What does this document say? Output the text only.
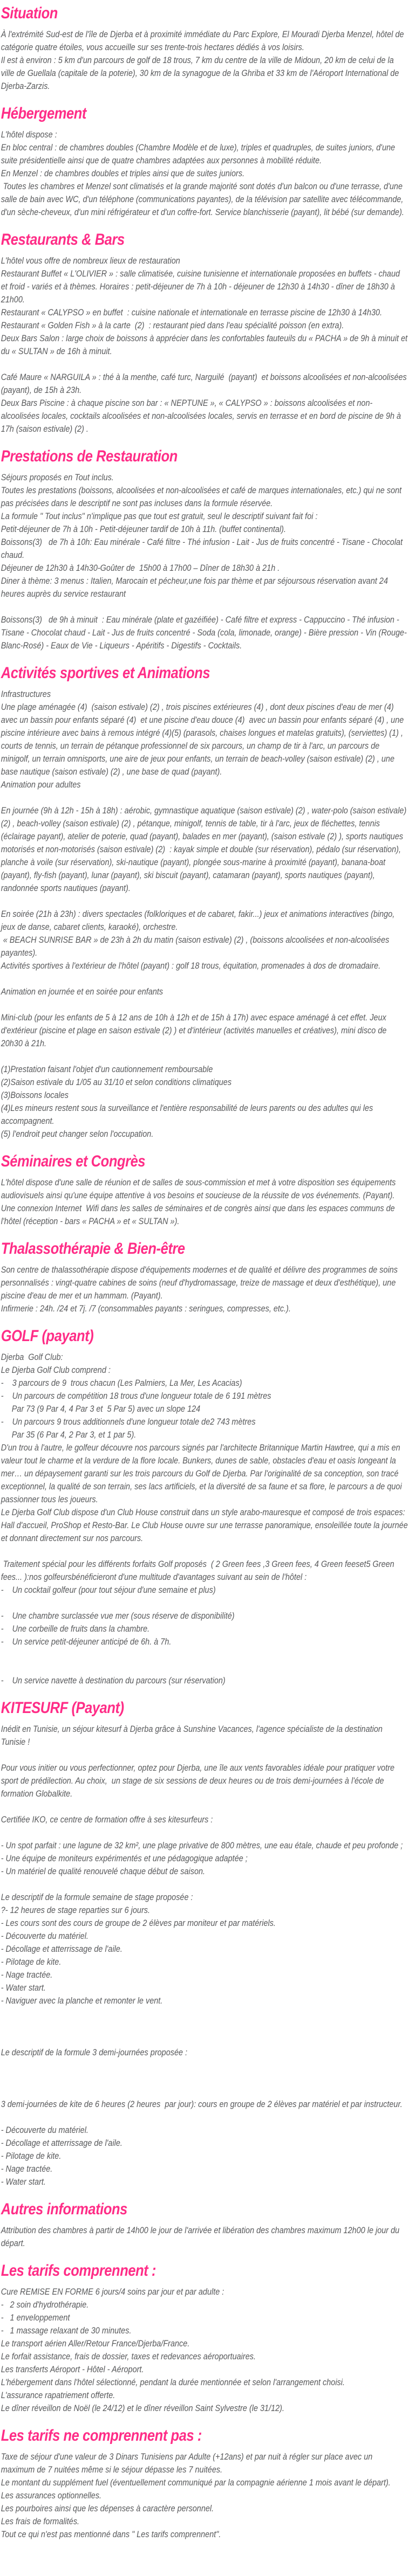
Situation

À l'extrémité Sud-est de l'île de Djerba et à proximité immédiate du Parc Explore, El Mouradi Djerba Menzel, hôtel de catégorie quatre étoiles, vous accueille sur ses trente-trois hectares dédiés à vos loisirs.

Il est à environ : 5 km d'un parcours de golf de 18 trous, 7 km du centre de la ville de Midoun, 20 km de celui de la ville de Guellala (capitale de la poterie), 30 km de la synagogue de la Ghriba et 33 km de l'Aéroport International de Djerba-Zarzis.

Hébergement

L'hôtel dispose :

En bloc central : de chambres doubles (Chambre Modèle et de luxe), triples et quadruples, de suites juniors, d'une suite présidentielle ainsi que de quatre chambres adaptées aux personnes à mobilité réduite.

En Menzel : de chambres doubles et triples ainsi que de suites juniors.

Toutes les chambres et Menzel sont climatisés et la grande majorité sont dotés d'un balcon ou d'une terrasse, d'une salle de bain avec WC, d'un téléphone (communications payantes), de la télévision par satellite avec télécommande, d'un sèche-cheveux, d'un mini réfrigérateur et d'un coffre-fort. Service blanchisserie (payant), lit bébé (sur demande).

Restaurants & Bars

L'hôtel vous offre de nombreux lieux de restauration

Restaurant Buffet « L'OLIVIER » : salle climatisée, cuisine tunisienne et internationale proposées en buffets - chaud et froid - variés et à thèmes. Horaires : petit-déjeuner de 7h à 10h - déjeuner de 12h30 à 14h30 - dîner de 18h30 à 21h00.

Restaurant « CALYPSO » en buffet  : cuisine nationale et internationale en terrasse piscine de 12h30 à 14h30.

Restaurant « Golden Fish » à la carte  (2)  : restaurant pied dans l'eau spécialité poisson (en extra).

Deux Bars Salon : large choix de boissons à apprécier dans les confortables fauteuils du « PACHA » de 9h à minuit et du « SULTAN » de 16h à minuit.

Café Maure « NARGUILA » : thé à la menthe, café turc, Narguilé  (payant)  et boissons alcoolisées et non-alcoolisées (payant), de 15h à 23h.

Deux Bars Piscine : à chaque piscine son bar : « NEPTUNE », « CALYPSO » : boissons alcoolisées et non-alcoolisées locales, cocktails alcoolisées et non-alcoolisées locales, servis en terrasse et en bord de piscine de 9h à 17h (saison estivale) (2) .

Prestations de Restauration

Séjours proposés en Tout inclus.

Toutes les prestations (boissons, alcoolisées et non-alcoolisées et café de marques internationales, etc.) qui ne sont pas précisées dans le descriptif ne sont pas incluses dans la formule réservée.

La formule " Tout inclus" n'implique pas que tout est gratuit, seul le descriptif suivant fait foi :

Petit-déjeuner de 7h à 10h - Petit-déjeuner tardif de 10h à 11h. (buffet continental).

Boissons(3)   de 7h à 10h: Eau minérale - Café filtre - Thé infusion - Lait - Jus de fruits concentré - Tisane - Chocolat chaud.

Déjeuner de 12h30 à 14h30-Goûter de  15h00 à 17h00 – Dîner de 18h30 à 21h .

Diner à thème: 3 menus : Italien, Marocain et pécheur,une fois par thème et par séjoursous réservation avant 24 heures auprès du service restaurant

Boissons(3)   de 9h à minuit  : Eau minérale (plate et gazéifiée) - Café filtre et express - Cappuccino - Thé infusion - Tisane - Chocolat chaud - Lait - Jus de fruits concentré - Soda (cola, limonade, orange) - Bière pression - Vin (Rouge-Blanc-Rosé) - Eaux de Vie - Liqueurs - Apéritifs - Digestifs - Cocktails.

Activités sportives et Animations

Infrastructures

Une plage aménagée (4)  (saison estivale) (2) , trois piscines extérieures (4) , dont deux piscines d'eau de mer (4)  avec un bassin pour enfants séparé (4)  et une piscine d'eau douce (4)  avec un bassin pour enfants séparé (4) , une piscine intérieure avec bains à remous intégré (4)(5) (parasols, chaises longues et matelas gratuits), (serviettes) (1) , courts de tennis, un terrain de pétanque professionnel de six parcours, un champ de tir à l'arc, un parcours de minigolf, un terrain omnisports, une aire de jeux pour enfants, un terrain de beach-volley (saison estivale) (2) , une base nautique (saison estivale) (2) , une base de quad (payant).

Animation pour adultes

En journée (9h à 12h - 15h à 18h) : aérobic, gymnastique aquatique (saison estivale) (2) , water-polo (saison estivale) (2) , beach-volley (saison estivale) (2) , pétanque, minigolf, tennis de table, tir à l'arc, jeux de fléchettes, tennis (éclairage payant), atelier de poterie, quad (payant), balades en mer (payant), (saison estivale (2) ), sports nautiques motorisés et non-motorisés (saison estivale) (2)  : kayak simple et double (sur réservation), pédalo (sur réservation), planche à voile (sur réservation), ski-nautique (payant), plongée sous-marine à proximité (payant), banana-boat (payant), fly-fish (payant), lunar (payant), ski biscuit (payant), catamaran (payant), sports nautiques (payant), randonnée sports nautiques (payant).

En soirée (21h à 23h) : divers spectacles (folkloriques et de cabaret, fakir...) jeux et animations interactives (bingo, jeux de danse, cabaret clients, karaoké), orchestre.

« BEACH SUNRISE BAR » de 23h à 2h du matin (saison estivale) (2) , (boissons alcoolisées et non-alcoolisées payantes).

Activités sportives à l'extérieur de l'hôtel (payant) : golf 18 trous, équitation, promenades à dos de dromadaire.

Animation en journée et en soirée pour enfants

Mini-club (pour les enfants de 5 à 12 ans de 10h à 12h et de 15h à 17h) avec espace aménagé à cet effet. Jeux d'extérieur (piscine et plage en saison estivale (2) ) et d'intérieur (activités manuelles et créatives), mini disco de 20h30 à 21h.

(1)Prestation faisant l'objet d'un cautionnement remboursable

(2)Saison estivale du 1/05 au 31/10 et selon conditions climatiques

(3)Boissons locales

(4)Les mineurs restent sous la surveillance et l'entière responsabilité de leurs parents ou des adultes qui les accompagnent.

(5) l'endroit peut changer selon l'occupation.

Séminaires et Congrès

L'hôtel dispose d'une salle de réunion et de salles de sous-commission et met à votre disposition ses équipements audiovisuels ainsi qu'une équipe attentive à vos besoins et soucieuse de la réussite de vos événements. (Payant).

Une connexion Internet  Wifi dans les salles de séminaires et de congrès ainsi que dans les espaces communs de l'hôtel (réception - bars « PACHA » et « SULTAN »).

Thalassothérapie & Bien-être

Son centre de thalassothérapie dispose d'équipements modernes et de qualité et délivre des programmes de soins personnalisés : vingt-quatre cabines de soins (neuf d'hydromassage, treize de massage et deux d'esthétique), une piscine d'eau de mer et un hammam. (Payant).

Infirmerie : 24h. /24 et 7j. /7 (consommables payants : seringues, compresses, etc.).

GOLF (payant)

Djerba  Golf Club:

Le Djerba Golf Club comprend :

-    3 parcours de 9  trous chacun (Les Palmiers, La Mer, Les Acacias)

-    Un parcours de compétition 18 trous d'une longueur totale de 6 191 mètres

Par 73 (9 Par 4, 4 Par 3 et  5 Par 5) avec un slope 124

-    Un parcours 9 trous additionnels d'une longueur totale de2 743 mètres

Par 35 (6 Par 4, 2 Par 3, et 1 par 5).

D'un trou à l'autre, le golfeur découvre nos parcours signés par l'architecte Britannique Martin Hawtree, qui a mis en valeur tout le charme et la verdure de la flore locale. Bunkers, dunes de sable, obstacles d'eau et oasis longeant la mer… un dépaysement garanti sur les trois parcours du Golf de Djerba. Par l'originalité de sa conception, son tracé exceptionnel, la qualité de son terrain, ses lacs artificiels, et la diversité de sa faune et sa flore, le parcours a de quoi passionner tous les joueurs.

Le Djerba Golf Club dispose d'un Club House construit dans un style arabo-mauresque et composé de trois espaces: Hall d'accueil, ProShop et Resto-Bar. Le Club House ouvre sur une terrasse panoramique, ensoleillée toute la journée et donnant directement sur nos parcours.

Traitement spécial pour les différents forfaits Golf proposés  ( 2 Green fees ,3 Green fees, 4 Green feeset5 Green fees... ):nos golfeursbénéficieront d'une multitude d'avantages suivant au sein de l'hôtel :

-    Un cocktail golfeur (pour tout séjour d'une semaine et plus)

-    Une chambre surclassée vue mer (sous réserve de disponibilité)

-    Une corbeille de fruits dans la chambre.

-    Un service petit-déjeuner anticipé de 6h. à 7h.

-    Un service navette à destination du parcours (sur réservation)

KITESURF (Payant)

Inédit en Tunisie, un séjour kitesurf à Djerba grâce à Sunshine Vacances, l'agence spécialiste de la destination Tunisie !

Pour vous initier ou vous perfectionner, optez pour Djerba, une île aux vents favorables idéale pour pratiquer votre sport de prédilection. Au choix,  un stage de six sessions de deux heures ou de trois demi-journées à l'école de formation Globalkite.

Certifiée IKO, ce centre de formation offre à ses kitesurfeurs :

- Un spot parfait : une lagune de 32 km², une plage privative de 800 mètres, une eau étale, chaude et peu profonde ;

- Une équipe de moniteurs expérimentés et une pédagogique adaptée ;

- Un matériel de qualité renouvelé chaque début de saison.

Le descriptif de la formule semaine de stage proposée :

?- 12 heures de stage reparties sur 6 jours.

- Les cours sont des cours de groupe de 2 élèves par moniteur et par matériels.

- Découverte du matériel.

- Décollage et atterrissage de l'aile.

- Pilotage de kite.

- Nage tractée.

- Water start.

- Naviguer avec la planche et remonter le vent.

Le descriptif de la formule 3 demi-journées proposée :

3 demi-journées de kite de 6 heures (2 heures  par jour): cours en groupe de 2 élèves par matériel et par instructeur.

- Découverte du matériel.

- Décollage et atterrissage de l'aile.

- Pilotage de kite.

- Nage tractée.

- Water start.

Autres informations

Attribution des chambres à partir de 14h00 le jour de l'arrivée et libération des chambres maximum 12h00 le jour du départ.

Les tarifs comprennent :

Cure REMISE EN FORME 6 jours/4 soins par jour et par adulte :

-   2 soin d'hydrothérapie.

-   1 enveloppement

-   1 massage relaxant de 30 minutes.

Le transport aérien Aller/Retour France/Djerba/France.

Le forfait assistance, frais de dossier, taxes et redevances aéroportuaires.

Les transferts Aéroport - Hôtel - Aéroport.

L'hébergement dans l'hôtel sélectionné, pendant la durée mentionnée et selon l'arrangement choisi.

L'assurance rapatriement offerte.

Le dîner réveillon de Noël (le 24/12) et le dîner réveillon Saint Sylvestre (le 31/12).

Les tarifs ne comprennent pas :

Taxe de séjour d'une valeur de 3 Dinars Tunisiens par Adulte (+12ans) et par nuit à régler sur place avec un maximum de 7 nuitées même si le séjour dépasse les 7 nuitées.

Le montant du supplément fuel (éventuellement communiqué par la compagnie aérienne 1 mois avant le départ).

Les assurances optionnelles.

Les pourboires ainsi que les dépenses à caractère personnel.

Les frais de formalités.

Tout ce qui n'est pas mentionné dans " Les tarifs comprennent".
